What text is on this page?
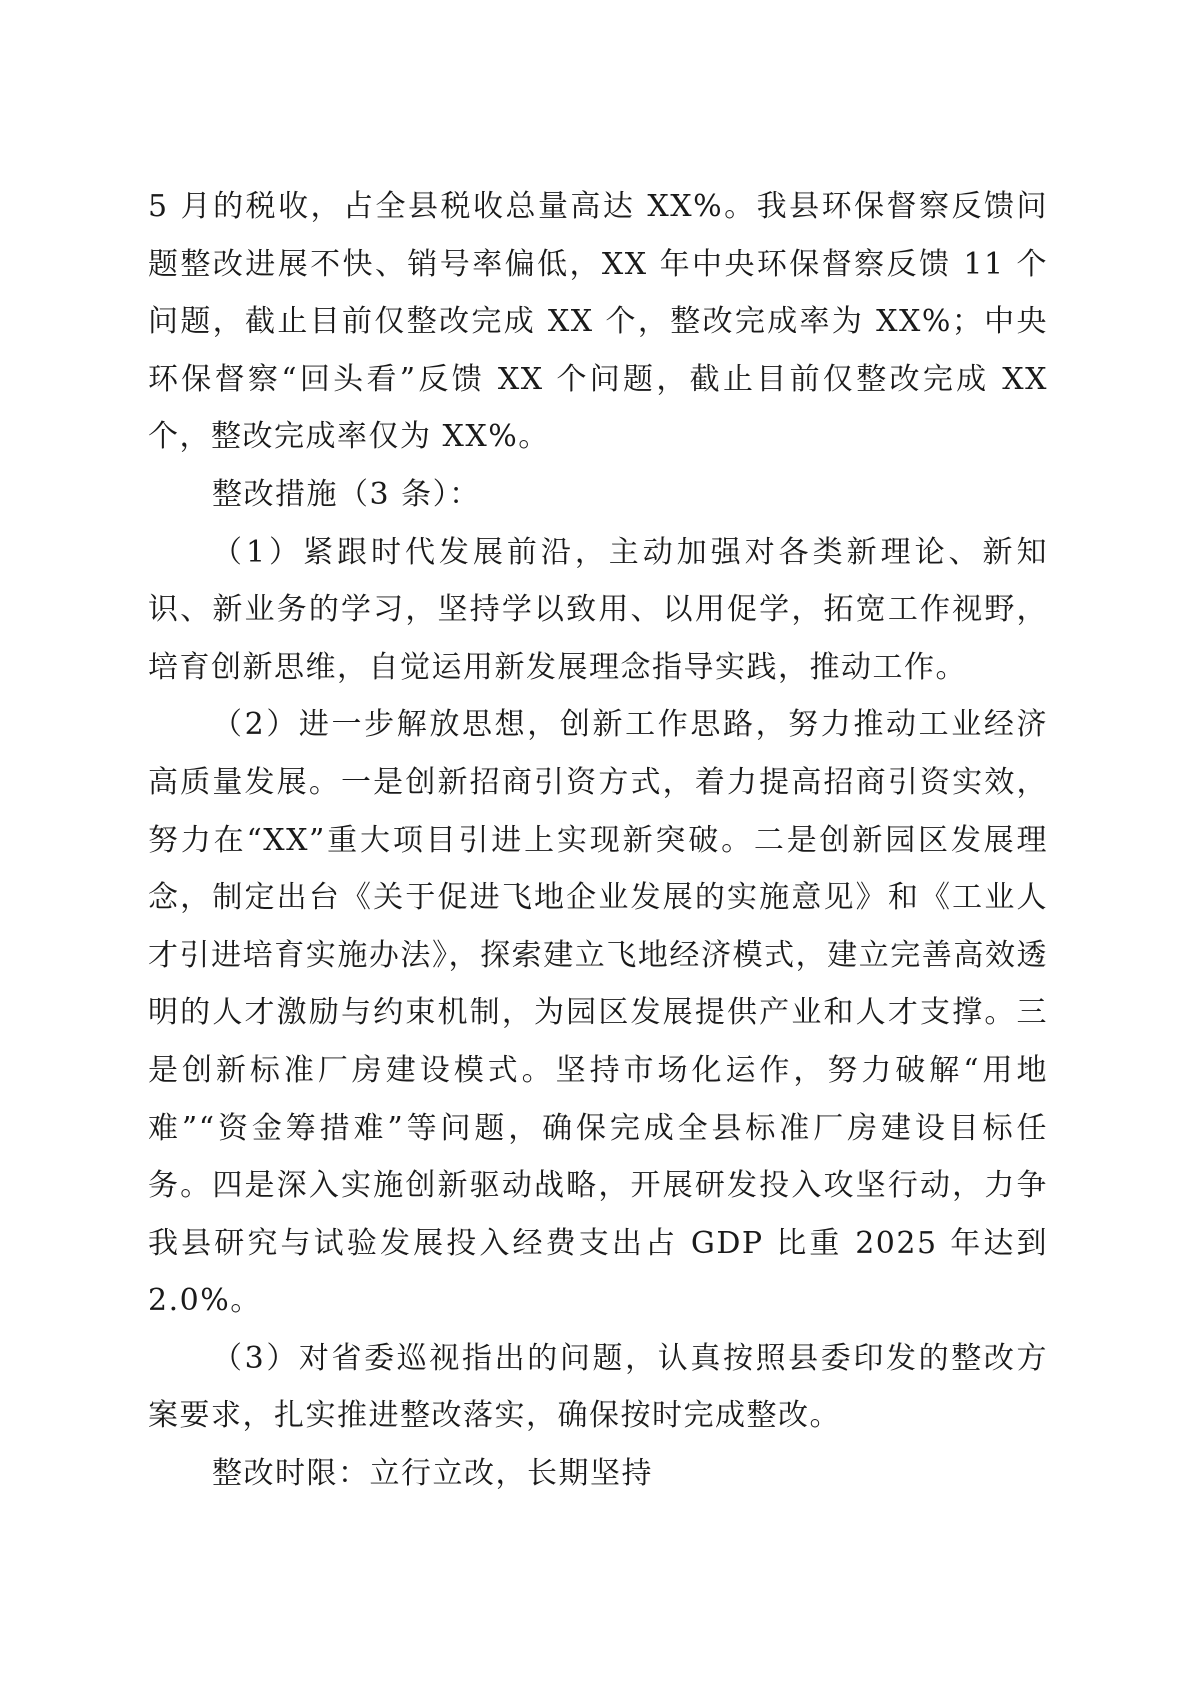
5 月的税收，占全县税收总量高达 XX%。我县环保督察反馈问题整改进展不快、销号率偏低，XX 年中央环保督察反馈 11 个问题，截止目前仅整改完成 XX 个，整改完成率为 XX%；中央环保督察“回头看”反馈 XX 个问题，截止目前仅整改完成 XX 个，整改完成率仅为 XX%。

整改措施（3 条）：

（1）紧跟时代发展前沿，主动加强对各类新理论、新知识、新业务的学习，坚持学以致用、以用促学，拓宽工作视野，培育创新思维，自觉运用新发展理念指导实践，推动工作。

（2）进一步解放思想，创新工作思路，努力推动工业经济高质量发展。一是创新招商引资方式，着力提高招商引资实效，努力在“XX”重大项目引进上实现新突破。二是创新园区发展理念，制定出台《关于促进飞地企业发展的实施意见》和《工业人才引进培育实施办法》，探索建立飞地经济模式，建立完善高效透明的人才激励与约束机制，为园区发展提供产业和人才支撑。三是创新标准厂房建设模式。坚持市场化运作，努力破解“用地难”“资金筹措难”等问题，确保完成全县标准厂房建设目标任务。四是深入实施创新驱动战略，开展研发投入攻坚行动，力争我县研究与试验发展投入经费支出占 GDP 比重 2025 年达到 2.0%。

（3）对省委巡视指出的问题，认真按照县委印发的整改方案要求，扎实推进整改落实，确保按时完成整改。

整改时限：立行立改，长期坚持
